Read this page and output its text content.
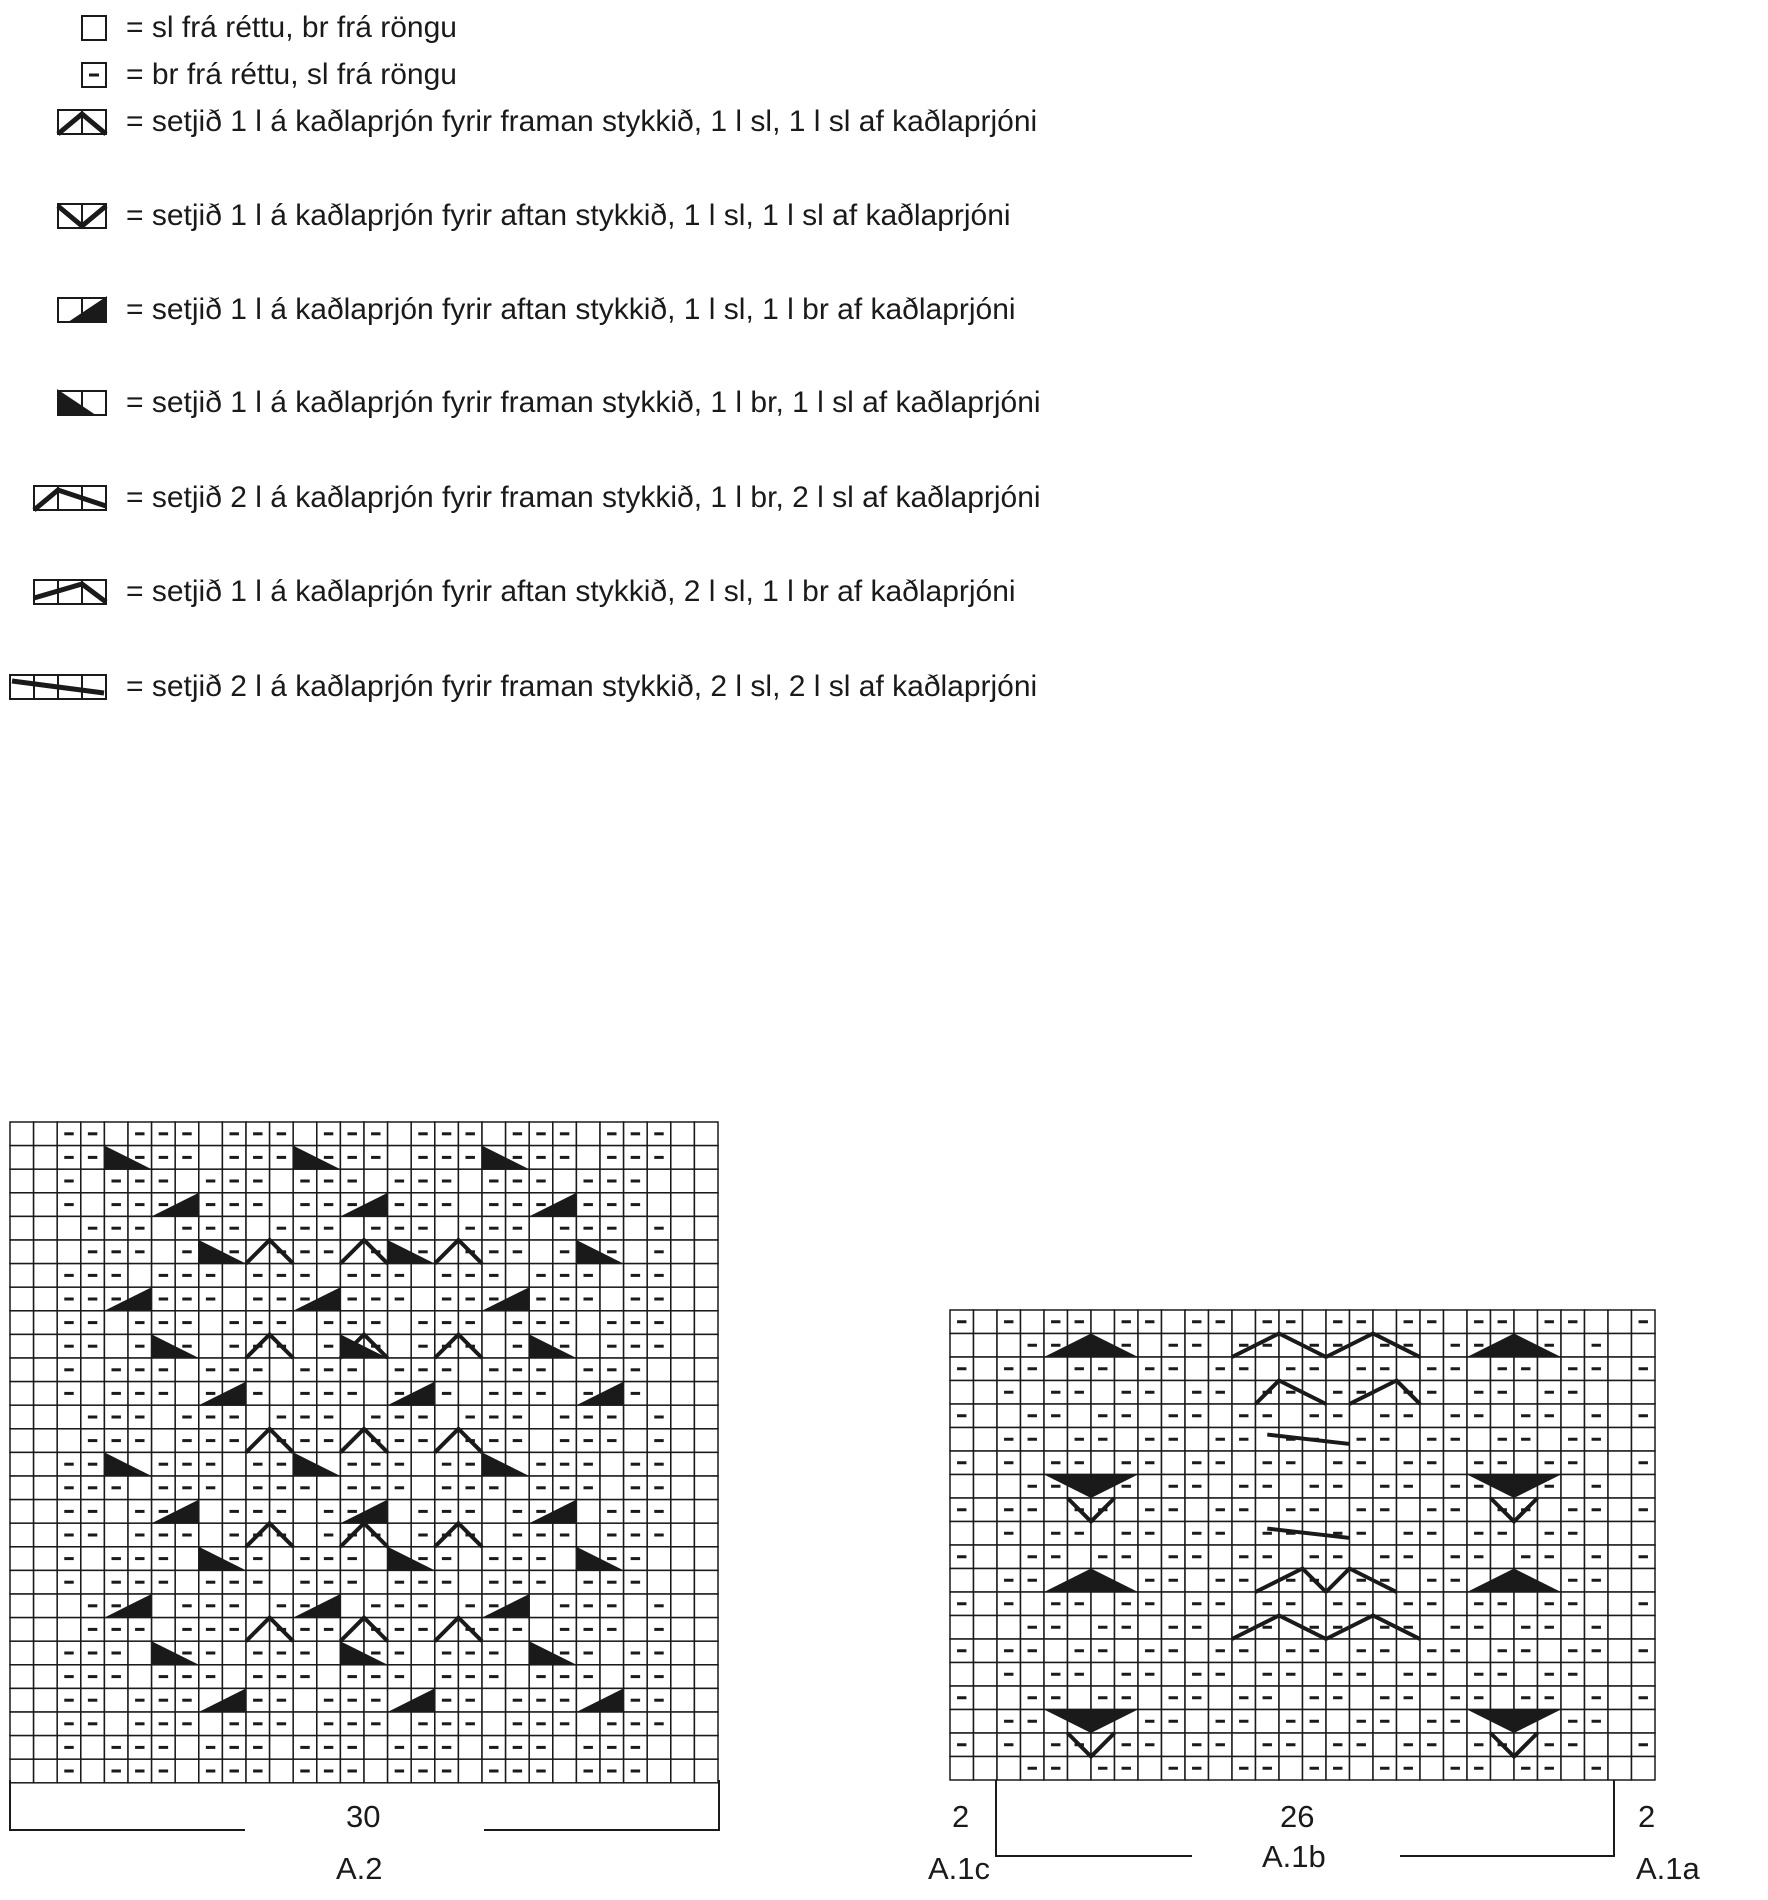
= sl frá réttu, br frá röngu
= br frá réttu, sl frá röngu
= setjið 1 l á kaðlaprjón fyrir framan stykkið, 1 l sl, 1 l sl af kaðlaprjóni
= setjið 1 l á kaðlaprjón fyrir aftan stykkið, 1 l sl, 1 l sl af kaðlaprjóni
= setjið 1 l á kaðlaprjón fyrir aftan stykkið, 1 l sl, 1 l br af kaðlaprjóni
= setjið 1 l á kaðlaprjón fyrir framan stykkið, 1 l br, 1 l sl af kaðlaprjóni
= setjið 2 l á kaðlaprjón fyrir framan stykkið, 1 l br, 2 l sl af kaðlaprjóni
= setjið 1 l á kaðlaprjón fyrir aftan stykkið, 2 l sl, 1 l br af kaðlaprjóni
= setjið 2 l á kaðlaprjón fyrir framan stykkið, 2 l sl, 2 l sl af kaðlaprjóni
30
A.2
2	26	2
A.1c	A.1b	A.1a
